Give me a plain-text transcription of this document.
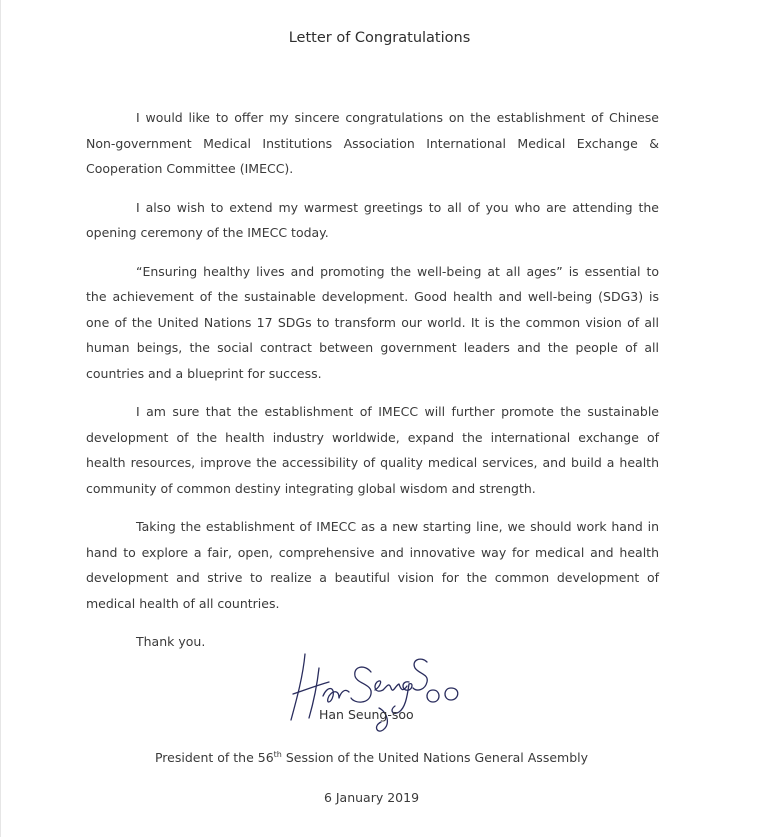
Letter of Congratulations

I would like to offer my sincere congratulations on the establishment of Chinese Non-government Medical Institutions Association International Medical Exchange & Cooperation Committee (IMECC).

I also wish to extend my warmest greetings to all of you who are attending the opening ceremony of the IMECC today.

“Ensuring healthy lives and promoting the well-being at all ages” is essential to the achievement of the sustainable development. Good health and well-being (SDG3) is one of the United Nations 17 SDGs to transform our world. It is the common vision of all human beings, the social contract between government leaders and the people of all countries and a blueprint for success.

I am sure that the establishment of IMECC will further promote the sustainable development of the health industry worldwide, expand the international exchange of health resources, improve the accessibility of quality medical services, and build a health community of common destiny integrating global wisdom and strength.

Taking the establishment of IMECC as a new starting line, we should work hand in hand to explore a fair, open, comprehensive and innovative way for medical and health development and strive to realize a beautiful vision for the common development of medical health of all countries.

Thank you.

Han Seung-soo
President of the 56th Session of the United Nations General Assembly
6 January 2019
